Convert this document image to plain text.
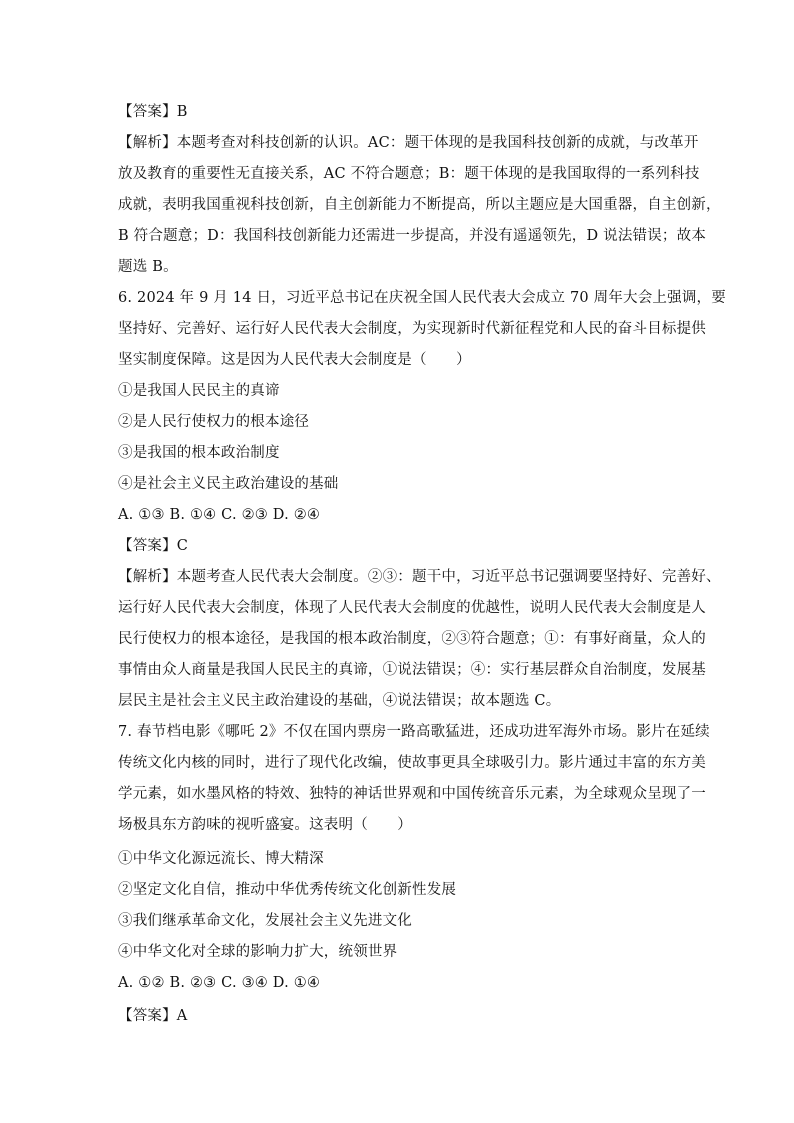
【答案】B
【解析】本题考查对科技创新的认识。AC：题干体现的是我国科技创新的成就，与改革开
放及教育的重要性无直接关系，AC 不符合题意；B：题干体现的是我国取得的一系列科技
成就，表明我国重视科技创新，自主创新能力不断提高，所以主题应是大国重器，自主创新，
B 符合题意；D：我国科技创新能力还需进一步提高，并没有遥遥领先，D 说法错误；故本
题选 B。
6. 2024 年 9 月 14 日，习近平总书记在庆祝全国人民代表大会成立 70 周年大会上强调，要
坚持好、完善好、运行好人民代表大会制度，为实现新时代新征程党和人民的奋斗目标提供
坚实制度保障。这是因为人民代表大会制度是（　　）
①是我国人民民主的真谛
②是人民行使权力的根本途径
③是我国的根本政治制度
④是社会主义民主政治建设的基础
A. ①③ B. ①④ C. ②③ D. ②④
【答案】C
【解析】本题考查人民代表大会制度。②③：题干中，习近平总书记强调要坚持好、完善好、
运行好人民代表大会制度，体现了人民代表大会制度的优越性，说明人民代表大会制度是人
民行使权力的根本途径，是我国的根本政治制度，②③符合题意；①：有事好商量，众人的
事情由众人商量是我国人民民主的真谛，①说法错误；④：实行基层群众自治制度，发展基
层民主是社会主义民主政治建设的基础，④说法错误；故本题选 C。
7. 春节档电影《哪吒 2》不仅在国内票房一路高歌猛进，还成功进军海外市场。影片在延续
传统文化内核的同时，进行了现代化改编，使故事更具全球吸引力。影片通过丰富的东方美
学元素，如水墨风格的特效、独特的神话世界观和中国传统音乐元素，为全球观众呈现了一
场极具东方韵味的视听盛宴。这表明（　　）
①中华文化源远流长、博大精深
②坚定文化自信，推动中华优秀传统文化创新性发展
③我们继承革命文化，发展社会主义先进文化
④中华文化对全球的影响力扩大，统领世界
A. ①② B. ②③ C. ③④ D. ①④
【答案】A
